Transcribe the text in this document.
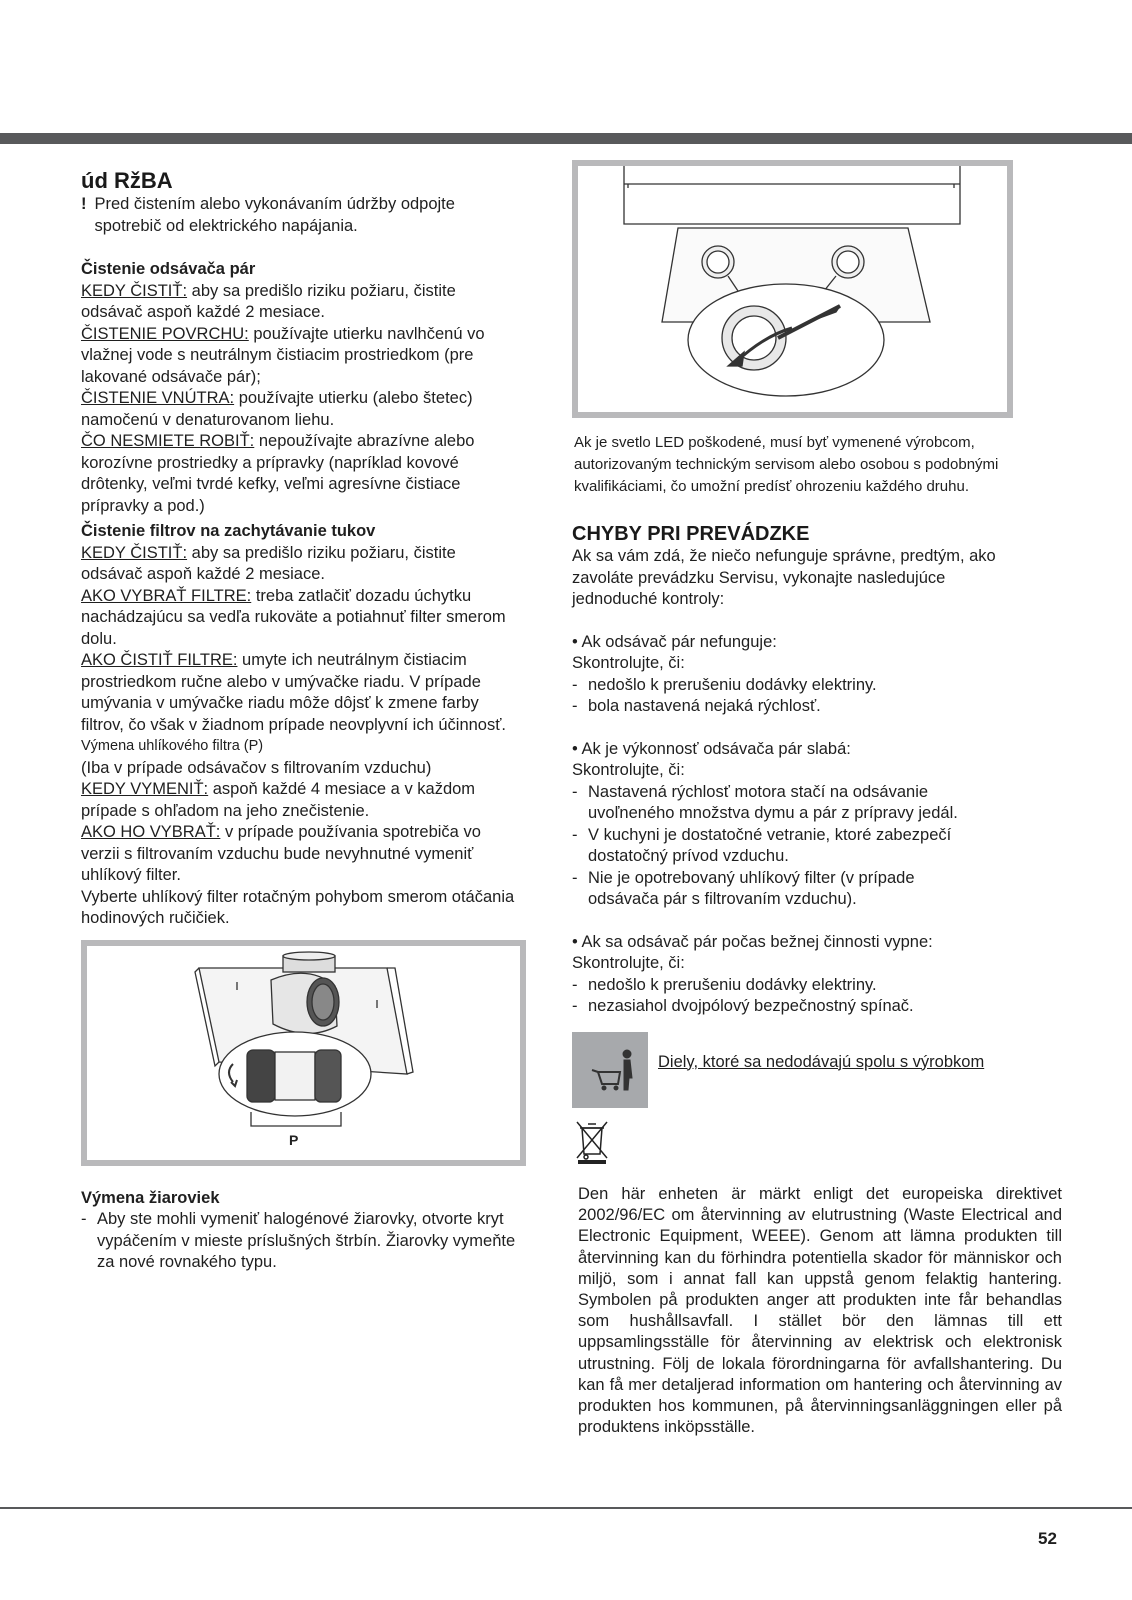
úd RžBA
! Pred čistením alebo vykonávaním údržby odpojte spotrebič od elektrického napájania.

Čistenie odsávača pár

KEDY ČISTIŤ: aby sa predišlo riziku požiaru, čistite odsávač aspoň každé 2 mesiace.

ČISTENIE POVRCHU: používajte utierku navlhčenú vo vlažnej vode s neutrálnym čistiacim prostriedkom (pre lakované odsávače pár);

ČISTENIE VNÚTRA: používajte utierku (alebo štetec) namočenú v denaturovanom liehu.

ČO NESMIETE ROBIŤ: nepoužívajte abrazívne alebo korozívne prostriedky a prípravky (napríklad kovové drôtenky, veľmi tvrdé kefky, veľmi agresívne čistiace prípravky a pod.)

Čistenie filtrov na zachytávanie tukov

KEDY ČISTIŤ: aby sa predišlo riziku požiaru, čistite odsávač aspoň každé 2 mesiace.

AKO VYBRAŤ FILTRE: treba zatlačiť dozadu úchytku nachádzajúcu sa vedľa rukoväte a potiahnuť filter smerom dolu.

AKO ČISTIŤ FILTRE: umyte ich neutrálnym čistiacim prostriedkom ručne alebo v umývačke riadu. V prípade umývania v umývačke riadu môže dôjsť k zmene farby filtrov, čo však v žiadnom prípade neovplyvní ich účinnosť.

Výmena uhlíkového filtra (P)

(Iba v prípade odsávačov s filtrovaním vzduchu)

KEDY VYMENIŤ: aspoň každé 4 mesiace a v každom prípade s ohľadom na jeho znečistenie.

AKO HO VYBRAŤ: v prípade používania spotrebiča vo verzii s filtrovaním vzduchu bude nevyhnutné vymeniť uhlíkový filter.

Vyberte uhlíkový filter rotačným pohybom smerom otáčania hodinových ručičiek.

P

Výmena žiaroviek

- Aby ste mohli vymeniť halogénové žiarovky, otvorte kryt vypáčením v mieste príslušných štrbín. Žiarovky vymeňte za nové rovnakého typu.

Ak je svetlo LED poškodené, musí byť vymenené výrobcom, autorizovaným technickým servisom alebo osobou s podobnými kvalifikáciami, čo umožní predísť ohrozeniu každého druhu.

CHYBY PRI PREVÁDZKE

Ak sa vám zdá, že niečo nefunguje správne, predtým, ako zavoláte prevádzku Servisu, vykonajte nasledujúce jednoduché kontroly:

• Ak odsávač pár nefunguje:

Skontrolujte, či:

- nedošlo k prerušeniu dodávky elektriny.
- bola nastavená nejaká rýchlosť.

• Ak je výkonnosť odsávača pár slabá:

Skontrolujte, či:

- Nastavená rýchlosť motora stačí na odsávanie uvoľneného množstva dymu a pár z prípravy jedál.
- V kuchyni je dostatočné vetranie, ktoré zabezpečí dostatočný prívod vzduchu.
- Nie je opotrebovaný uhlíkový filter (v prípade odsávača pár s filtrovaním vzduchu).

• Ak sa odsávač pár počas bežnej činnosti vypne:

Skontrolujte, či:

- nedošlo k prerušeniu dodávky elektriny.
- nezasiahol dvojpólový bezpečnostný spínač.
Diely, ktoré sa nedodávajú spolu s výrobkom

Den här enheten är märkt enligt det europeiska direktivet 2002/96/EC om återvinning av elutrustning (Waste Electrical and Electronic Equipment, WEEE). Genom att lämna produkten till återvinning kan du förhindra potentiella skador för människor och miljö, som i annat fall kan uppstå genom felaktig hantering. Symbolen på produkten anger att produkten inte får behandlas som hushållsavfall. I stället bör den lämnas till ett uppsamlingsställe för återvinning av elektrisk och elektronisk utrustning. Följ de lokala förordningarna för avfallshantering. Du kan få mer detaljerad information om hantering och återvinning av produkten hos kommunen, på återvinningsanläggningen eller på produktens inköpsställe.

52
